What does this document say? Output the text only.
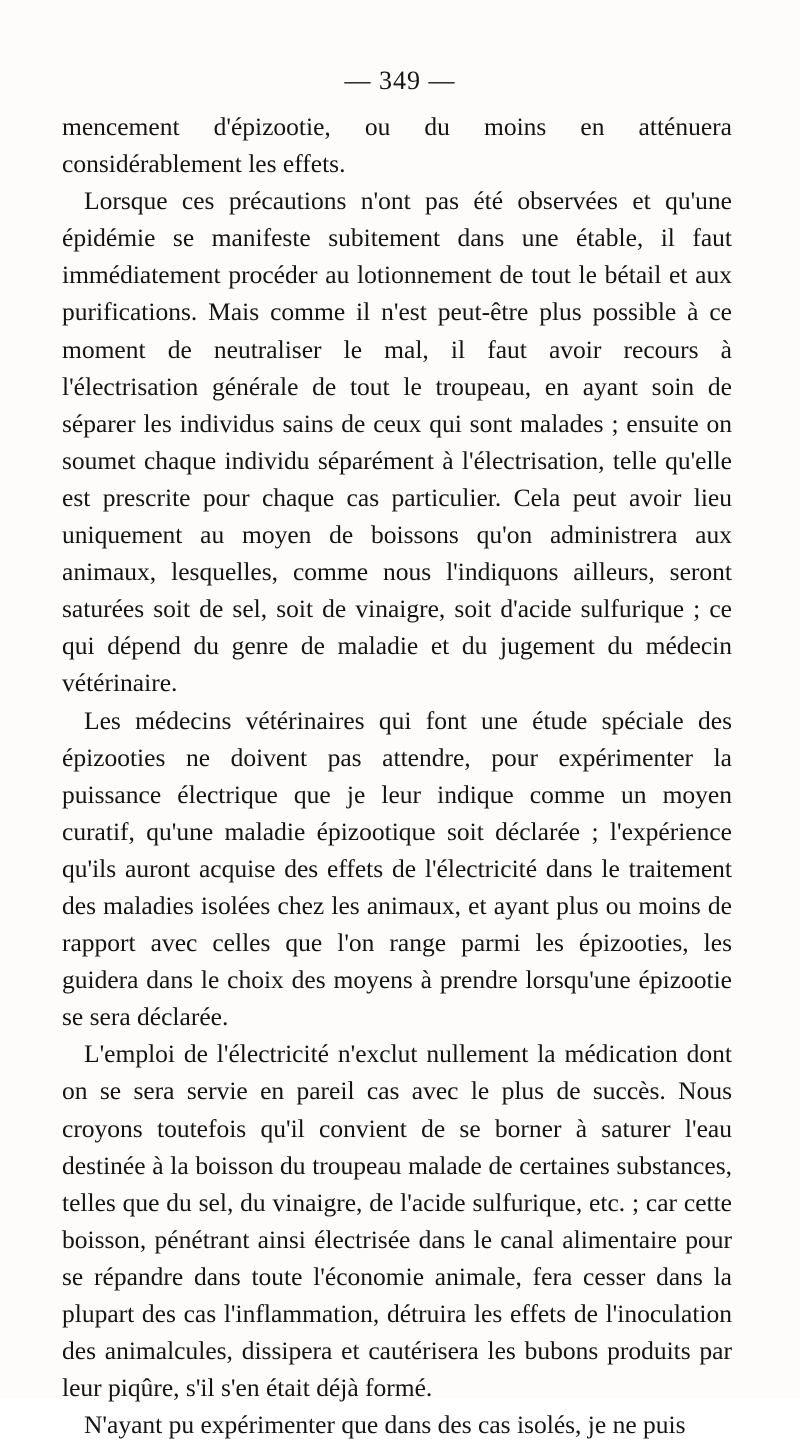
— 349 —

mencement d'épizootie, ou du moins en atténuera considérablement les effets.

Lorsque ces précautions n'ont pas été observées et qu'une épidémie se manifeste subitement dans une étable, il faut immédiatement procéder au lotionnement de tout le bétail et aux purifications. Mais comme il n'est peut-être plus possible à ce moment de neutraliser le mal, il faut avoir recours à l'électrisation générale de tout le troupeau, en ayant soin de séparer les individus sains de ceux qui sont malades ; ensuite on soumet chaque individu séparément à l'électrisation, telle qu'elle est prescrite pour chaque cas particulier. Cela peut avoir lieu uniquement au moyen de boissons qu'on administrera aux animaux, lesquelles, comme nous l'indiquons ailleurs, seront saturées soit de sel, soit de vinaigre, soit d'acide sulfurique ; ce qui dépend du genre de maladie et du jugement du médecin vétérinaire.

Les médecins vétérinaires qui font une étude spéciale des épizooties ne doivent pas attendre, pour expérimenter la puissance électrique que je leur indique comme un moyen curatif, qu'une maladie épizootique soit déclarée ; l'expérience qu'ils auront acquise des effets de l'électricité dans le traitement des maladies isolées chez les animaux, et ayant plus ou moins de rapport avec celles que l'on range parmi les épizooties, les guidera dans le choix des moyens à prendre lorsqu'une épizootie se sera déclarée.

L'emploi de l'électricité n'exclut nullement la médication dont on se sera servie en pareil cas avec le plus de succès. Nous croyons toutefois qu'il convient de se borner à saturer l'eau destinée à la boisson du troupeau malade de certaines substances, telles que du sel, du vinaigre, de l'acide sulfurique, etc. ; car cette boisson, pénétrant ainsi électrisée dans le canal alimentaire pour se répandre dans toute l'économie animale, fera cesser dans la plupart des cas l'inflammation, détruira les effets de l'inoculation des animalcules, dissipera et cautérisera les bubons produits par leur piqûre, s'il s'en était déjà formé.

N'ayant pu expérimenter que dans des cas isolés, je ne puis
